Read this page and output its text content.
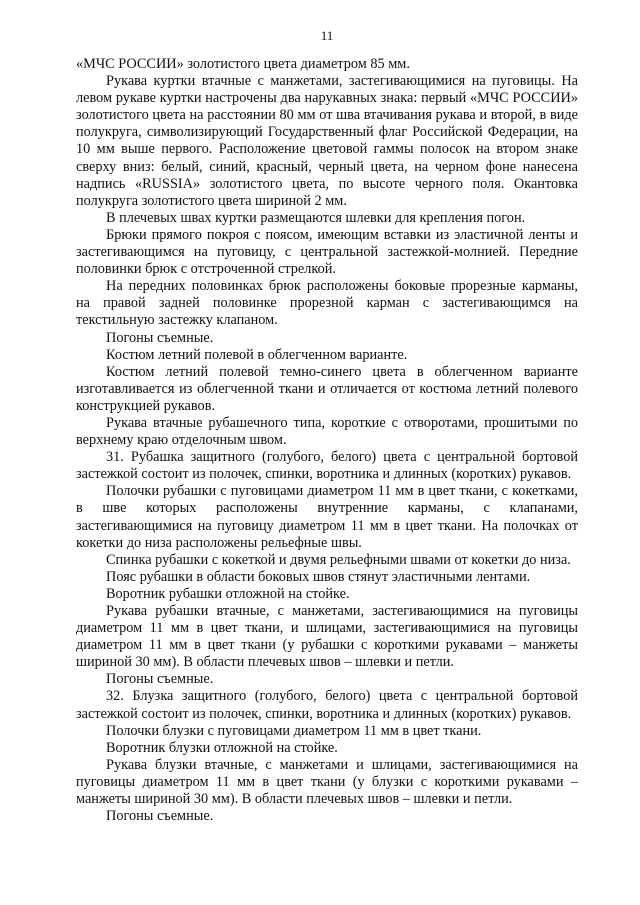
11

«МЧС РОССИИ» золотистого цвета диаметром 85 мм.

Рукава куртки втачные с манжетами, застегивающимися на пуговицы. На левом рукаве куртки настрочены два нарукавных знака: первый «МЧС РОССИИ» золотистого цвета на расстоянии 80 мм от шва втачивания рукава и второй, в виде полукруга, символизирующий Государственный флаг Российской Федерации, на 10 мм выше первого. Расположение цветовой гаммы полосок на втором знаке сверху вниз: белый, синий, красный, черный цвета, на черном фоне нанесена надпись «RUSSIA» золотистого цвета, по высоте черного поля. Окантовка полукруга золотистого цвета шириной 2 мм.

В плечевых швах куртки размещаются шлевки для крепления погон.

Брюки прямого покроя с поясом, имеющим вставки из эластичной ленты и застегивающимся на пуговицу, с центральной застежкой-молнией. Передние половинки брюк с отстроченной стрелкой.

На передних половинках брюк расположены боковые прорезные карманы, на правой задней половинке прорезной карман с застегивающимся на текстильную застежку клапаном.

Погоны съемные.

Костюм летний полевой в облегченном варианте.

Костюм летний полевой темно-синего цвета в облегченном варианте изготавливается из облегченной ткани и отличается от костюма летний полевого конструкцией рукавов.

Рукава втачные рубашечного типа, короткие с отворотами, прошитыми по верхнему краю отделочным швом.

31. Рубашка защитного (голубого, белого) цвета с центральной бортовой застежкой состоит из полочек, спинки, воротника и длинных (коротких) рукавов.

Полочки рубашки с пуговицами диаметром 11 мм в цвет ткани, с кокетками, в шве которых расположены внутренние карманы, с клапанами, застегивающимися на пуговицу диаметром 11 мм в цвет ткани. На полочках от кокетки до низа расположены рельефные швы.

Спинка рубашки с кокеткой и двумя рельефными швами от кокетки до низа.

Пояс рубашки в области боковых швов стянут эластичными лентами.

Воротник рубашки отложной на стойке.

Рукава рубашки втачные, с манжетами, застегивающимися на пуговицы диаметром 11 мм в цвет ткани, и шлицами, застегивающимися на пуговицы диаметром 11 мм в цвет ткани (у рубашки с короткими рукавами – манжеты шириной 30 мм). В области плечевых швов – шлевки и петли.

Погоны съемные.

32. Блузка защитного (голубого, белого) цвета с центральной бортовой застежкой состоит из полочек, спинки, воротника и длинных (коротких) рукавов.

Полочки блузки с пуговицами диаметром 11 мм в цвет ткани.

Воротник блузки отложной на стойке.

Рукава блузки втачные, с манжетами и шлицами, застегивающимися на пуговицы диаметром 11 мм в цвет ткани (у блузки с короткими рукавами – манжеты шириной 30 мм). В области плечевых швов – шлевки и петли.

Погоны съемные.
